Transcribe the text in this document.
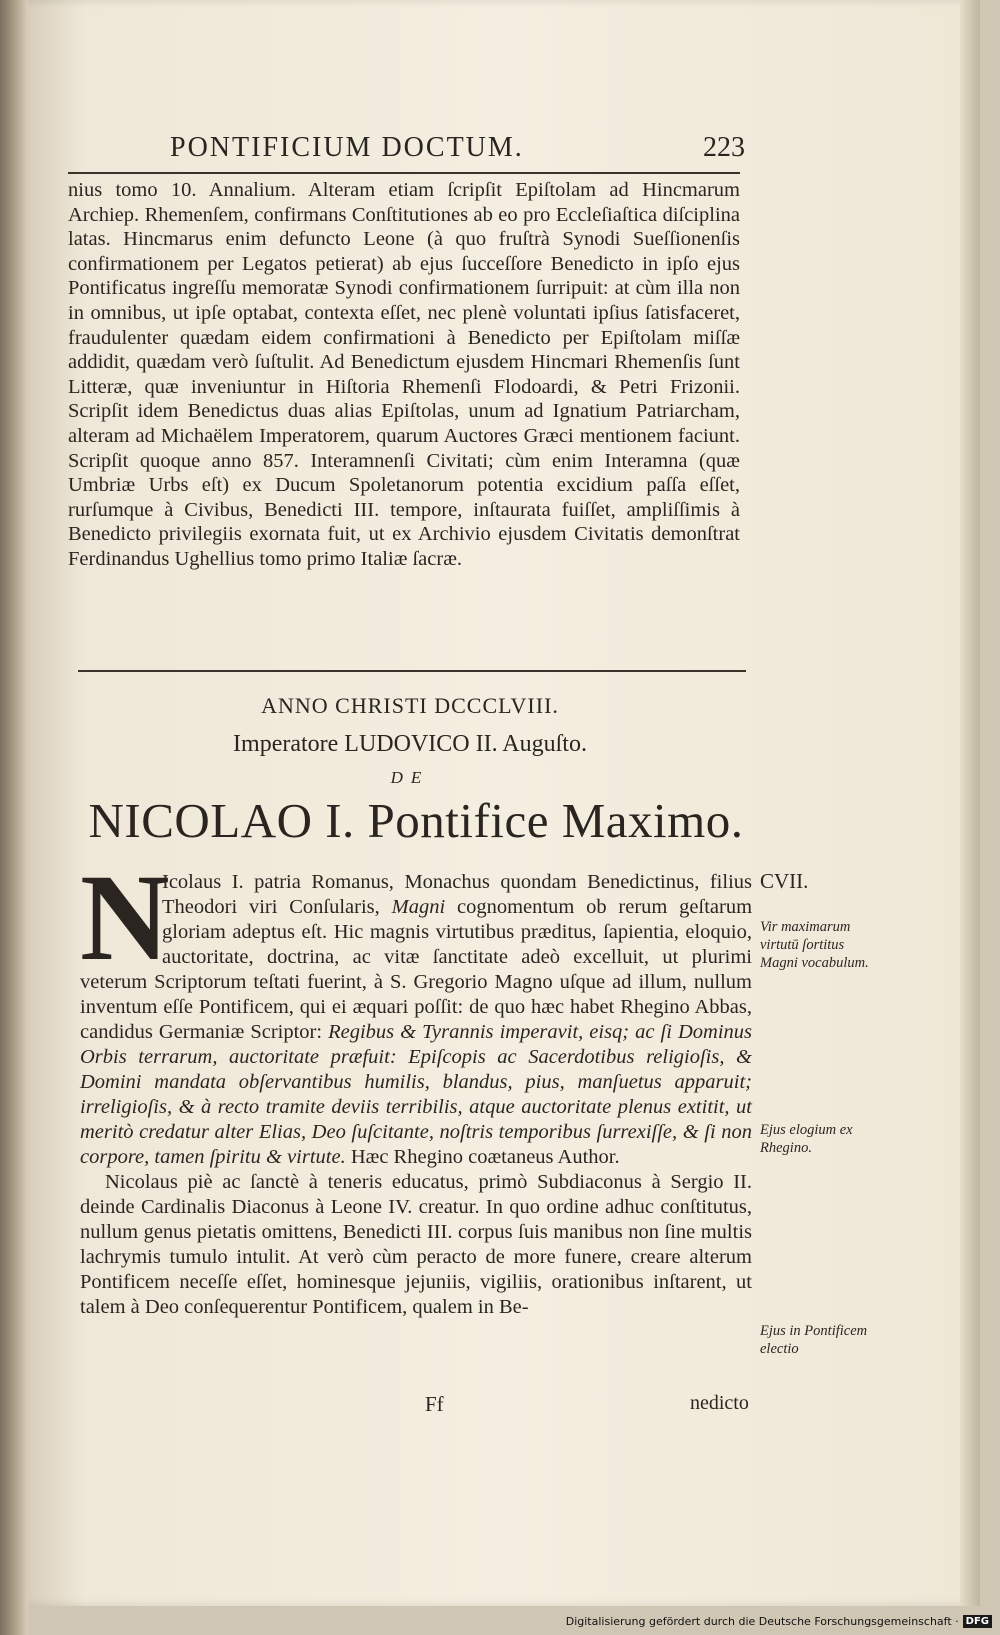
PONTIFICIUM DOCTUM.	223

nius tomo 10. Annalium. Alteram etiam ſcripſit Epiſtolam ad Hincmarum Archiep. Rhemenſem, confirmans Conſtitutiones ab eo pro Eccleſiaſtica diſciplina latas. Hincmarus enim defuncto Leone (à quo fruſtrà Synodi Sueſſionenſis confirmationem per Legatos petierat) ab ejus ſucceſſore Benedicto in ipſo ejus Pontificatus ingreſſu memoratæ Synodi confirmationem ſurripuit: at cùm illa non in omnibus, ut ipſe optabat, contexta eſſet, nec plenè voluntati ipſius ſatisfaceret, fraudulenter quædam eidem confirmationi à Benedicto per Epiſtolam miſſæ addidit, quædam verò ſuſtulit. Ad Benedictum ejusdem Hincmari Rhemenſis ſunt Litteræ, quæ inveniuntur in Hiſtoria Rhemenſi Flodoardi, & Petri Frizonii. Scripſit idem Benedictus duas alias Epiſtolas, unum ad Ignatium Patriarcham, alteram ad Michaëlem Imperatorem, quarum Auctores Græci mentionem faciunt. Scripſit quoque anno 857. Interamnenſi Civitati; cùm enim Interamna (quæ Umbriæ Urbs eſt) ex Ducum Spoletanorum potentia excidium paſſa eſſet, rurſumque à Civibus, Benedicti III. tempore, inſtaurata fuiſſet, ampliſſimis à Benedicto privilegiis exornata fuit, ut ex Archivio ejusdem Civitatis demonſtrat Ferdinandus Ughellius tomo primo Italiæ ſacræ.

ANNO CHRISTI DCCCLVIII.
Imperatore LUDOVICO II. Auguſto.
DE
NICOLAO I. Pontifice Maximo.
N

Icolaus I. patria Romanus, Monachus quondam Benedictinus, filius Theodori viri Conſularis, Magni cognomentum ob rerum geſtarum gloriam adeptus eſt. Hic magnis virtutibus præditus, ſapientia, eloquio, auctoritate, doctrina, ac vitæ ſanctitate adeò excelluit, ut plurimi veterum Scriptorum teſtati fuerint, à S. Gregorio Magno uſque ad illum, nullum inventum eſſe Pontificem, qui ei æquari poſſit: de quo hæc habet Rhegino Abbas, candidus Germaniæ Scriptor: Regibus & Tyrannis imperavit, eisq; ac ſi Dominus Orbis terrarum, auctoritate præfuit: Epiſcopis ac Sacerdotibus religioſis, & Domini mandata obſervantibus humilis, blandus, pius, manſuetus apparuit; irreligioſis, & à recto tramite deviis terribilis, atque auctoritate plenus extitit, ut meritò credatur alter Elias, Deo ſuſcitante, noſtris temporibus ſurrexiſſe, & ſi non corpore, tamen ſpiritu & virtute. Hæc Rhegino coætaneus Author.

Nicolaus piè ac ſanctè à teneris educatus, primò Subdiaconus à Sergio II. deinde Cardinalis Diaconus à Leone IV. creatur. In quo ordine adhuc conſtitutus, nullum genus pietatis omittens, Benedicti III. corpus ſuis manibus non ſine multis lachrymis tumulo intulit. At verò cùm peracto de more funere, creare alterum Pontificem neceſſe eſſet, hominesque jejuniis, vigiliis, orationibus inſtarent, ut talem à Deo conſequerentur Pontificem, qualem in Be-

CVII.
Vir maximarum virtutū ſortitus Magni vocabulum.
Ejus elogium ex Rhegino.
Ejus in Pontificem electio
Ff	nedicto
Digitalisierung gefördert durch die Deutsche Forschungsgemeinschaft · DFG
